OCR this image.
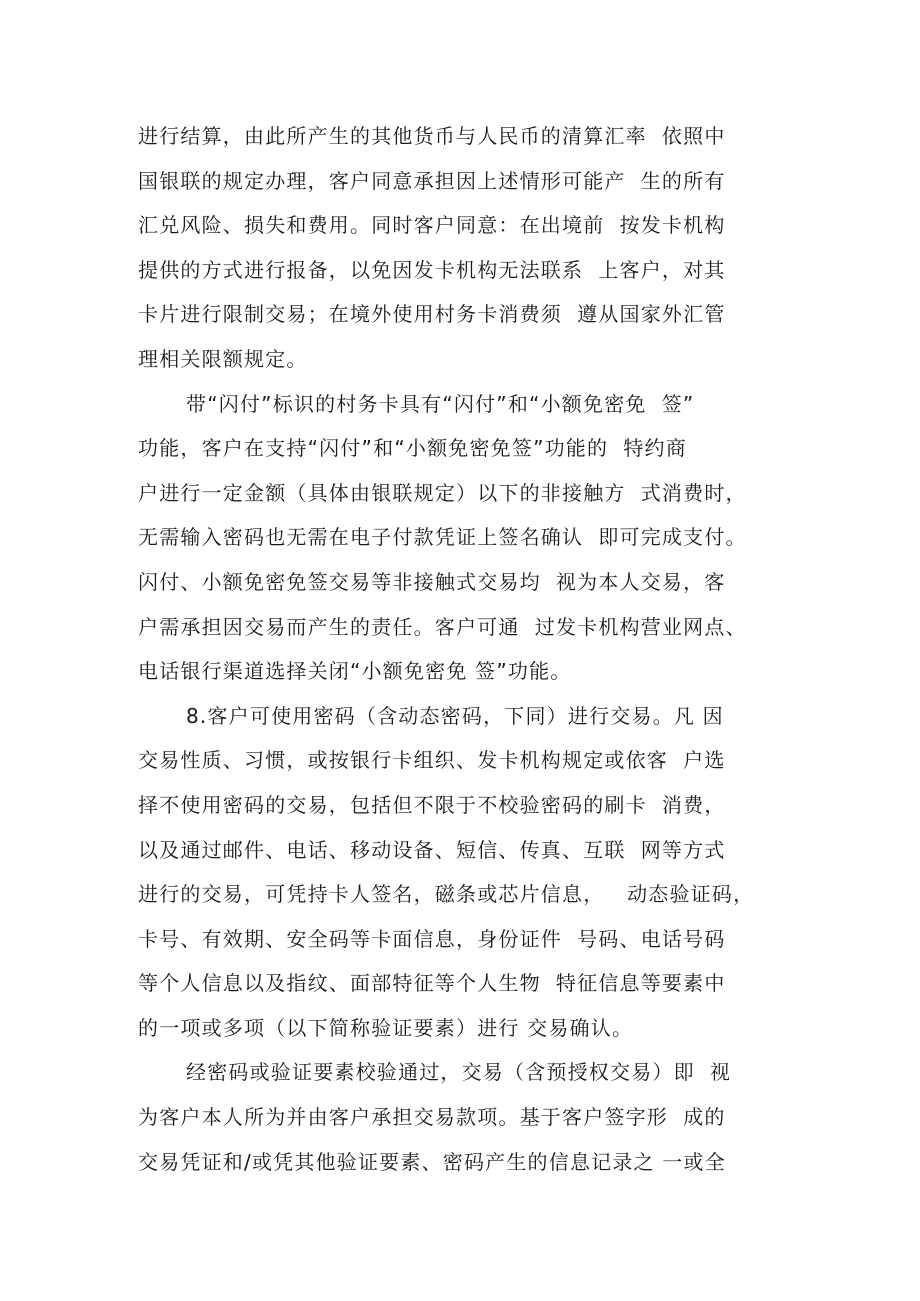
进行结算，由此所产生的其他货币与人民币的清算汇率  依照中
国银联的规定办理，客户同意承担因上述情形可能产  生的所有
汇兑风险、损失和费用。同时客户同意：在出境前  按发卡机构
提供的方式进行报备，以免因发卡机构无法联系  上客户，对其
卡片进行限制交易；在境外使用村务卡消费须  遵从国家外汇管
理相关限额规定。
带“闪付”标识的村务卡具有“闪付”和“小额免密免  签”
功能，客户在支持“闪付”和“小额免密免签”功能的  特约商
户进行一定金额（具体由银联规定）以下的非接触方  式消费时，
无需输入密码也无需在电子付款凭证上签名确认  即可完成支付。
闪付、小额免密免签交易等非接触式交易均  视为本人交易，客
户需承担因交易而产生的责任。客户可通  过发卡机构营业网点、
电话银行渠道选择关闭“小额免密免 签”功能。
8.客户可使用密码（含动态密码，下同）进行交易。凡 因
交易性质、习惯，或按银行卡组织、发卡机构规定或依客  户选
择不使用密码的交易，包括但不限于不校验密码的刷卡  消费，
以及通过邮件、电话、移动设备、短信、传真、互联  网等方式
进行的交易，可凭持卡人签名，磁条或芯片信息，   动态验证码，
卡号、有效期、安全码等卡面信息，身份证件  号码、电话号码
等个人信息以及指纹、面部特征等个人生物  特征信息等要素中
的一项或多项（以下简称验证要素）进行 交易确认。
经密码或验证要素校验通过，交易（含预授权交易）即  视
为客户本人所为并由客户承担交易款项。基于客户签字形  成的
交易凭证和/或凭其他验证要素、密码产生的信息记录之 一或全
